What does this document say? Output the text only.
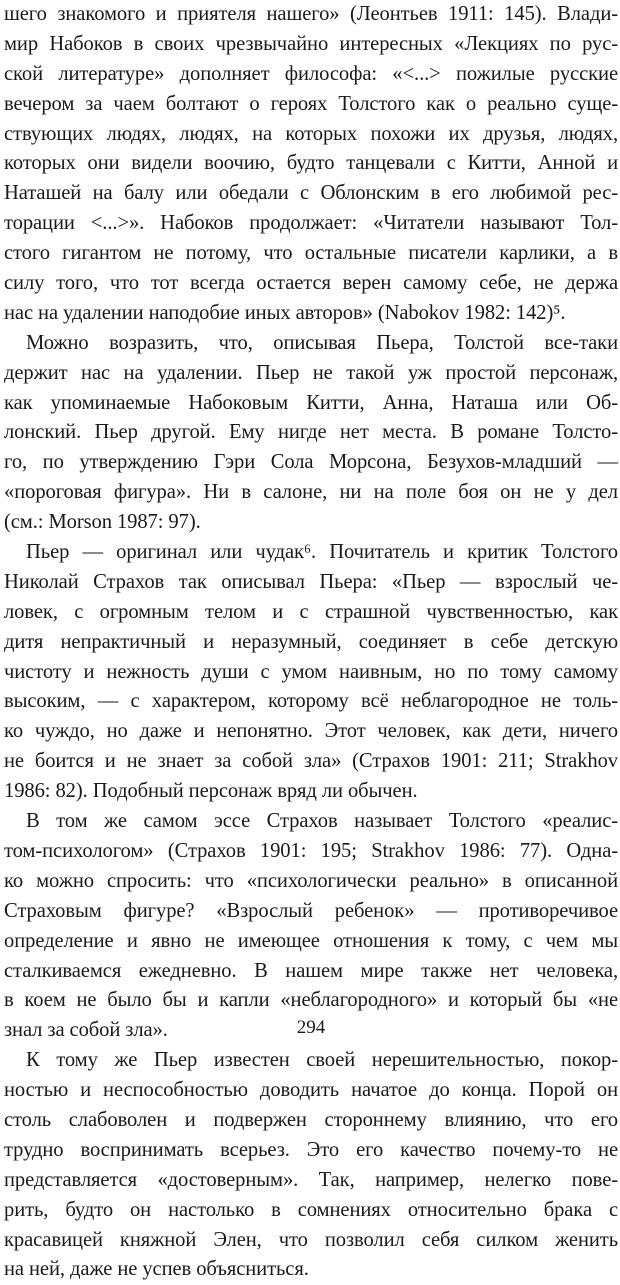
шего знакомого и приятеля нашего» (Леонтьев 1911: 145). Влади-
мир Набоков в своих чрезвычайно интересных «Лекциях по рус-
ской литературе» дополняет философа: «<...> пожилые русские
вечером за чаем болтают о героях Толстого как о реально суще-
ствующих людях, людях, на которых похожи их друзья, людях,
которых они видели воочию, будто танцевали с Китти, Анной и
Наташей на балу или обедали с Облонским в его любимой рес-
торации <...>». Набоков продолжает: «Читатели называют Тол-
стого гигантом не потому, что остальные писатели карлики, а в
силу того, что тот всегда остается верен самому себе, не держа
нас на удалении наподобие иных авторов» (Nabokov 1982: 142)⁵.
Можно возразить, что, описывая Пьера, Толстой все-таки
держит нас на удалении. Пьер не такой уж простой персонаж,
как упоминаемые Набоковым Китти, Анна, Наташа или Об-
лонский. Пьер другой. Ему нигде нет места. В романе Толсто-
го, по утверждению Гэри Сола Морсона, Безухов-младший —
«пороговая фигура». Ни в салоне, ни на поле боя он не у дел
(см.: Morson 1987: 97).
Пьер — оригинал или чудак⁶. Почитатель и критик Толстого
Николай Страхов так описывал Пьера: «Пьер — взрослый че-
ловек, с огромным телом и с страшной чувственностью, как
дитя непрактичный и неразумный, соединяет в себе детскую
чистоту и нежность души с умом наивным, но по тому самому
высоким, — с характером, которому всё неблагородное не толь-
ко чуждо, но даже и непонятно. Этот человек, как дети, ничего
не боится и не знает за собой зла» (Страхов 1901: 211; Strakhov
1986: 82). Подобный персонаж вряд ли обычен.
В том же самом эссе Страхов называет Толстого «реалис-
том-психологом» (Страхов 1901: 195; Strakhov 1986: 77). Одна-
ко можно спросить: что «психологически реально» в описанной
Страховым фигуре? «Взрослый ребенок» — противоречивое
определение и явно не имеющее отношения к тому, с чем мы
сталкиваемся ежедневно. В нашем мире также нет человека,
в коем не было бы и капли «неблагородного» и который бы «не
знал за собой зла».
К тому же Пьер известен своей нерешительностью, покор-
ностью и неспособностью доводить начатое до конца. Порой он
столь слабоволен и подвержен стороннему влиянию, что его
трудно воспринимать всерьез. Это его качество почему-то не
представляется «достоверным». Так, например, нелегко пове-
рить, будто он настолько в сомнениях относительно брака с
красавицей княжной Элен, что позволил себя силком женить
на ней, даже не успев объясниться.
294
